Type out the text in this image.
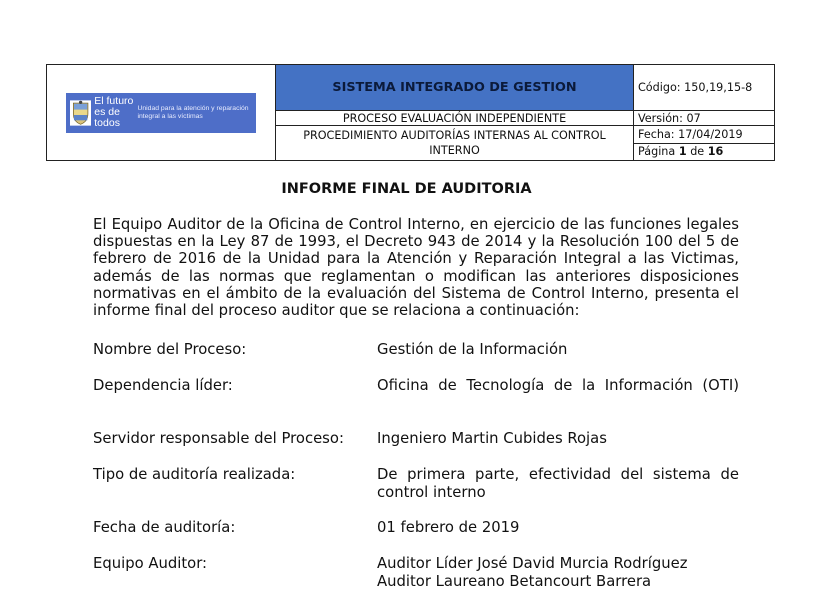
El futuro es de todos
Unidad para la atención y reparación integral a las víctimas	SISTEMA INTEGRADO DE GESTION	Código: 150,19,15-8
	PROCESO EVALUACIÓN INDEPENDIENTE	Versión: 07
	PROCEDIMIENTO AUDITORÍAS INTERNAS AL CONTROL INTERNO	Fecha: 17/04/2019
		Página 1 de 16
INFORME FINAL DE AUDITORIA
El Equipo Auditor de la Oficina de Control Interno, en ejercicio de las funciones legales dispuestas en la Ley 87 de 1993, el Decreto 943 de 2014 y la Resolución 100 del 5 de febrero de 2016 de la Unidad para la Atención y Reparación Integral a las Victimas, además de las normas que reglamentan o modifican las anteriores disposiciones normativas en el ámbito de la evaluación del Sistema de Control Interno, presenta el informe final del proceso auditor que se relaciona a continuación:
Nombre del Proceso:	Gestión de la Información
Dependencia líder:	Oficina de Tecnología de la Información (OTI)
Servidor responsable del Proceso: Ingeniero Martin Cubides Rojas
Tipo de auditoría realizada:	De primera parte, efectividad del sistema de control interno
Fecha de auditoría:	01 febrero de 2019
Equipo Auditor:	Auditor Líder José David Murcia Rodríguez
Auditor Laureano Betancourt Barrera
